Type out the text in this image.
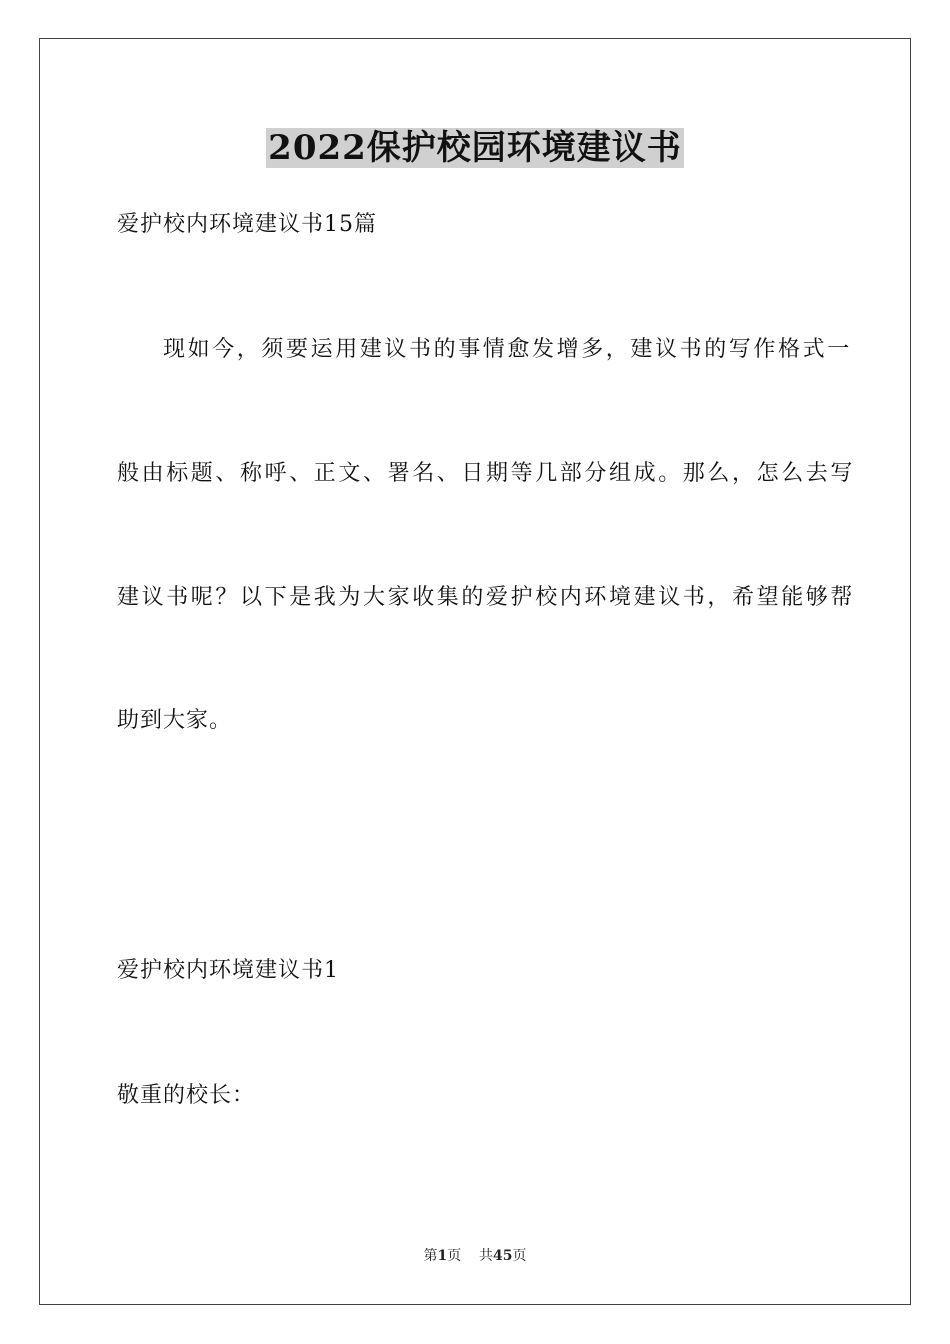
2022保护校园环境建议书

爱护校内环境建议书15篇

现如今，须要运用建议书的事情愈发增多，建议书的写作格式一

般由标题、称呼、正文、署名、日期等几部分组成。那么，怎么去写

建议书呢？以下是我为大家收集的爱护校内环境建议书，希望能够帮

助到大家。

爱护校内环境建议书1

敬重的校长：

第1页 共45页
